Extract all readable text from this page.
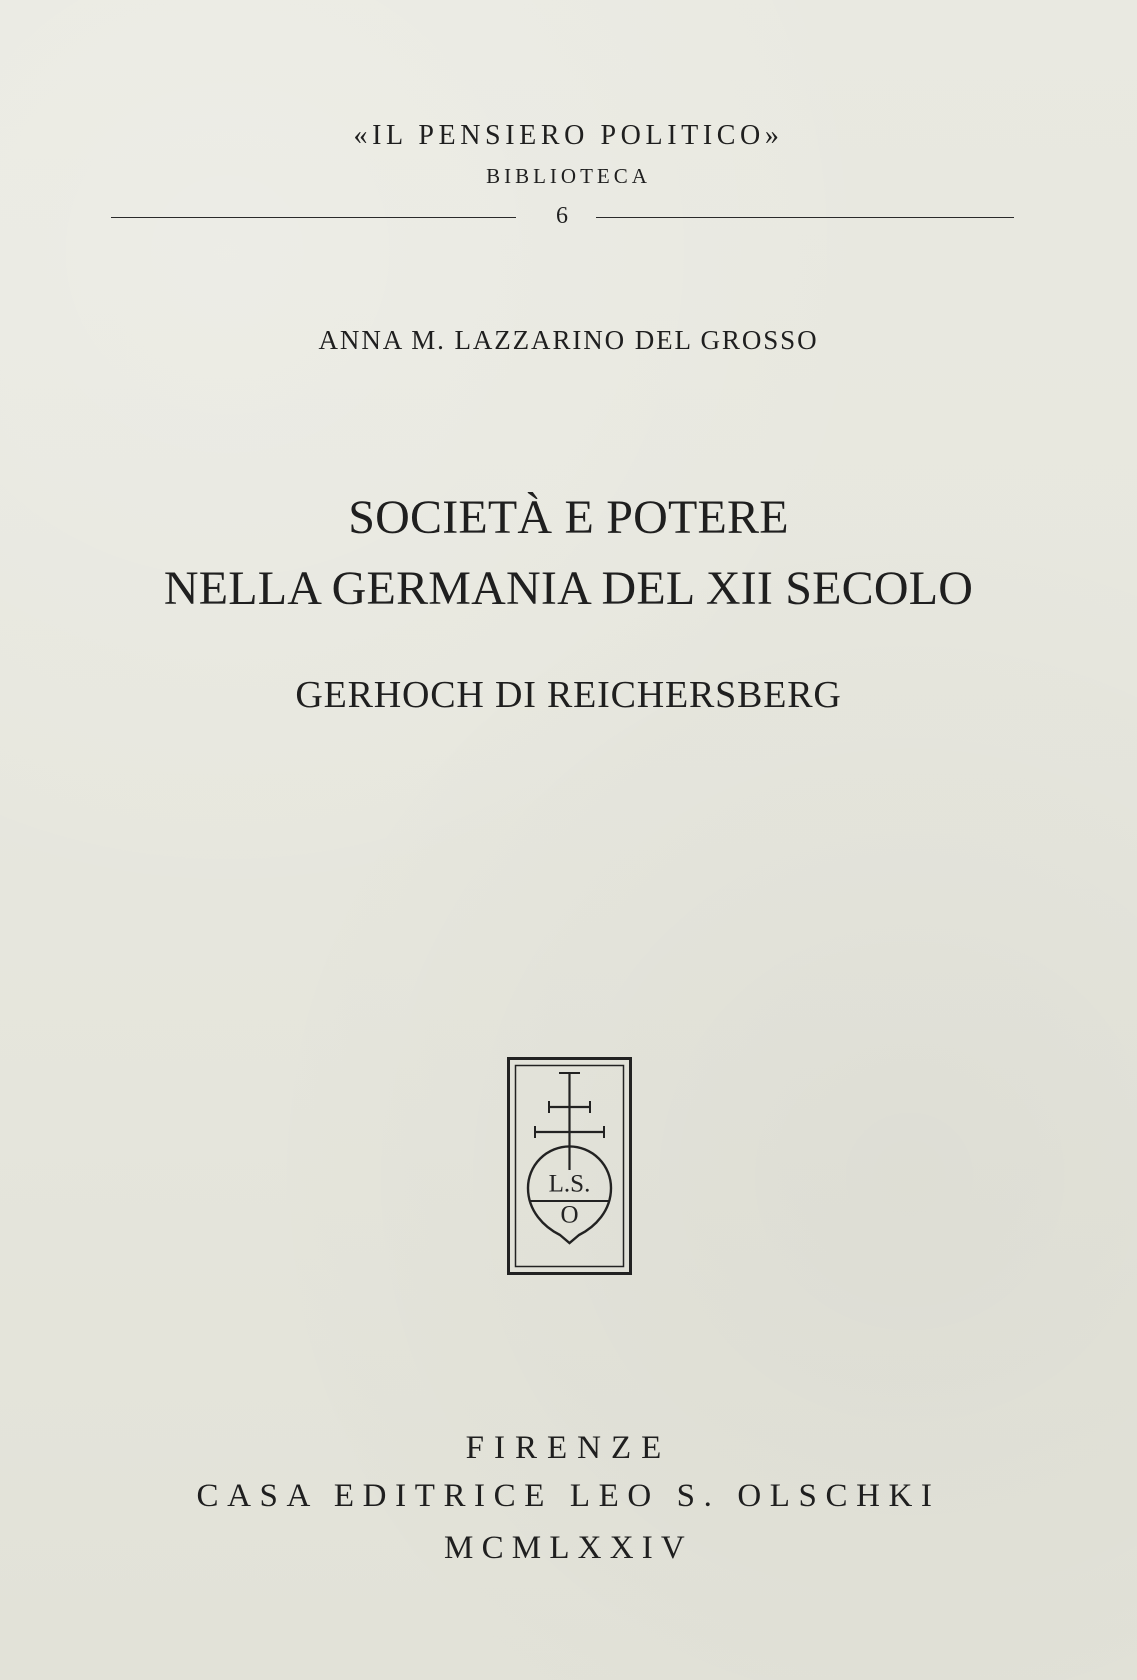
«IL PENSIERO POLITICO»
BIBLIOTECA
6
ANNA M. LAZZARINO DEL GROSSO
SOCIETÀ E POTERE
NELLA GERMANIA DEL XII SECOLO
GERHOCH DI REICHERSBERG
L.S.
O
FIRENZE
CASA EDITRICE LEO S. OLSCHKI
MCMLXXIV
